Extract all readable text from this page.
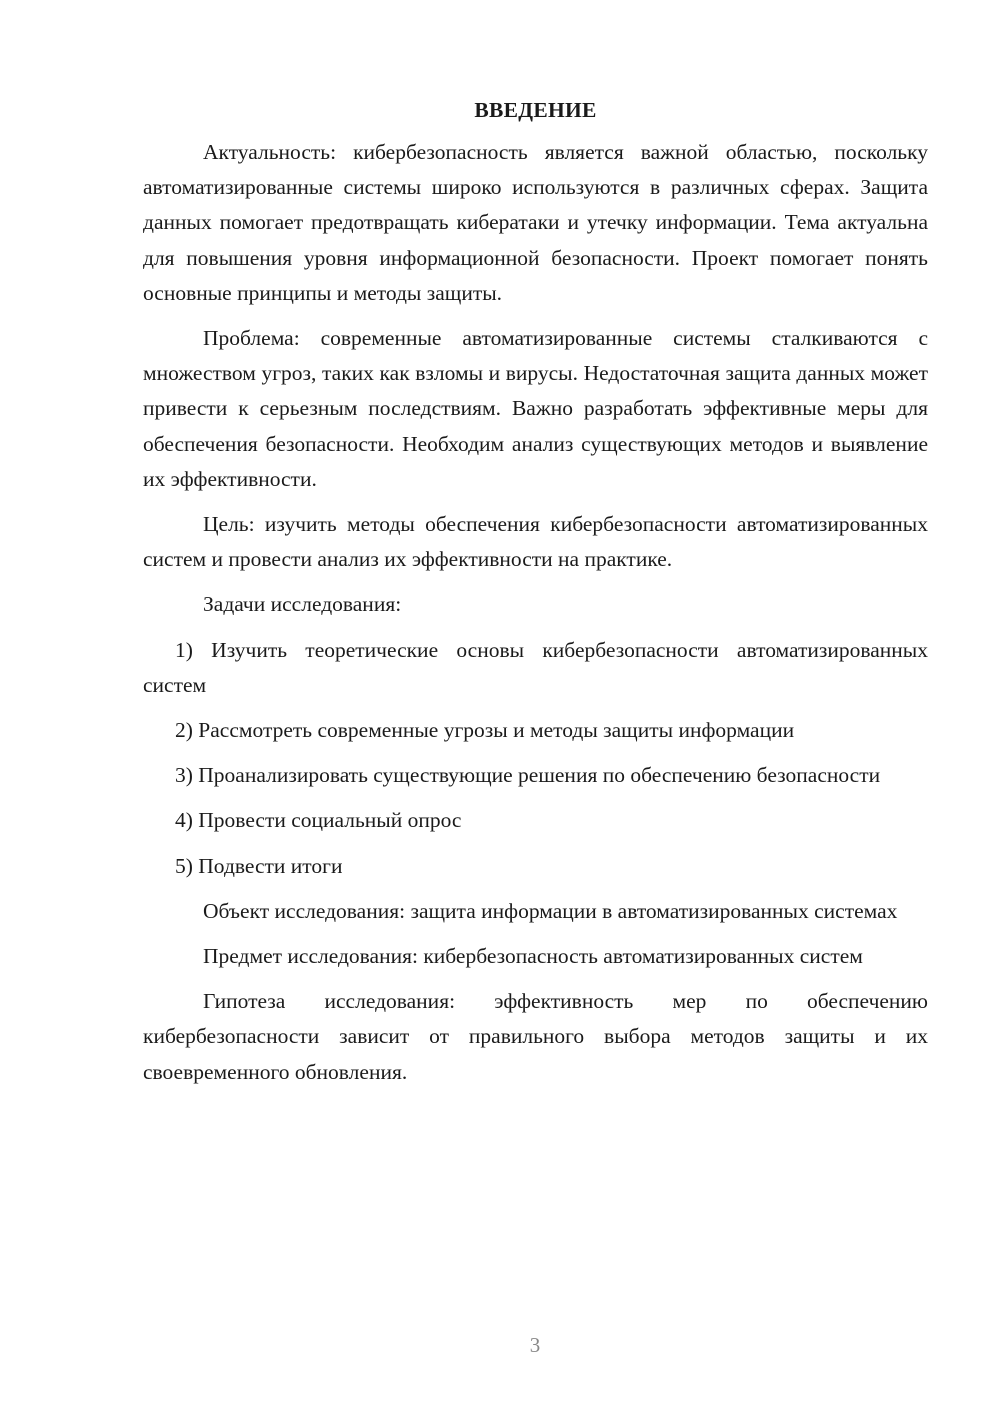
ВВЕДЕНИЕ

Актуальность: кибербезопасность является важной областью, поскольку автоматизированные системы широко используются в различных сферах. Защита данных помогает предотвращать кибератаки и утечку информации. Тема актуальна для повышения уровня информационной безопасности. Проект помогает понять основные принципы и методы защиты.

Проблема: современные автоматизированные системы сталкиваются с множеством угроз, таких как взломы и вирусы. Недостаточная защита данных может привести к серьезным последствиям. Важно разработать эффективные меры для обеспечения безопасности. Необходим анализ существующих методов и выявление их эффективности.

Цель: изучить методы обеспечения кибербезопасности автоматизированных систем и провести анализ их эффективности на практике.

Задачи исследования:

1) Изучить теоретические основы кибербезопасности автоматизированных систем

2) Рассмотреть современные угрозы и методы защиты информации

3) Проанализировать существующие решения по обеспечению безопасности

4) Провести социальный опрос

5) Подвести итоги

Объект исследования: защита информации в автоматизированных системах

Предмет исследования: кибербезопасность автоматизированных систем

Гипотеза исследования: эффективность мер по обеспечению кибербезопасности зависит от правильного выбора методов защиты и их своевременного обновления.

3
